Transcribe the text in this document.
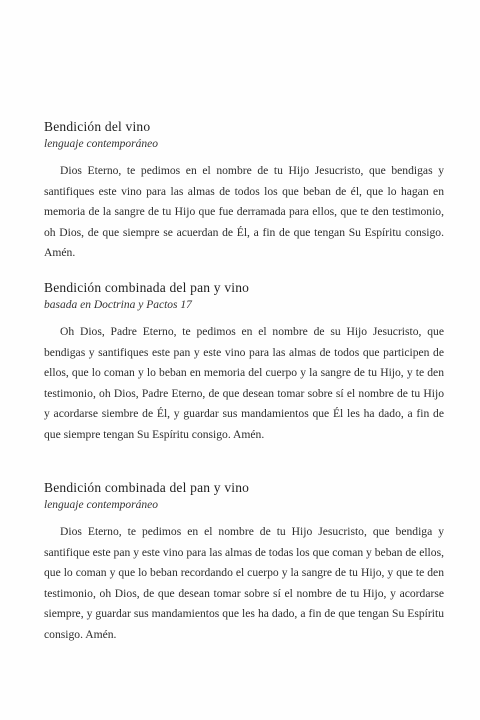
Bendición del vino

lenguaje contemporáneo

Dios Eterno, te pedimos en el nombre de tu Hijo Jesucristo, que bendigas y santifiques este vino para las almas de todos los que beban de él, que lo hagan en memoria de la sangre de tu Hijo que fue derramada para ellos, que te den testimonio, oh Dios, de que siempre se acuerdan de Él, a fin de que tengan Su Espíritu consigo. Amén.

Bendición combinada del pan y vino

basada en Doctrina y Pactos 17

Oh Dios, Padre Eterno, te pedimos en el nombre de su Hijo Jesucristo, que bendigas y santifiques este pan y este vino para las almas de todos que participen de ellos, que lo coman y lo beban en memoria del cuerpo y la sangre de tu Hijo, y te den testimonio, oh Dios, Padre Eterno, de que desean tomar sobre sí el nombre de tu Hijo y acordarse siembre de Él, y guardar sus mandamientos que Él les ha dado, a fin de que siempre tengan Su Espíritu consigo. Amén.

Bendición combinada del pan y vino

lenguaje contemporáneo

Dios Eterno, te pedimos en el nombre de tu Hijo Jesucristo, que bendiga y santifique este pan y este vino para las almas de todas los que coman y beban de ellos, que lo coman y que lo beban recordando el cuerpo y la sangre de tu Hijo, y que te den testimonio, oh Dios, de que desean tomar sobre sí el nombre de tu Hijo, y acordarse siempre, y guardar sus mandamientos que les ha dado, a fin de que tengan Su Espíritu consigo. Amén.
